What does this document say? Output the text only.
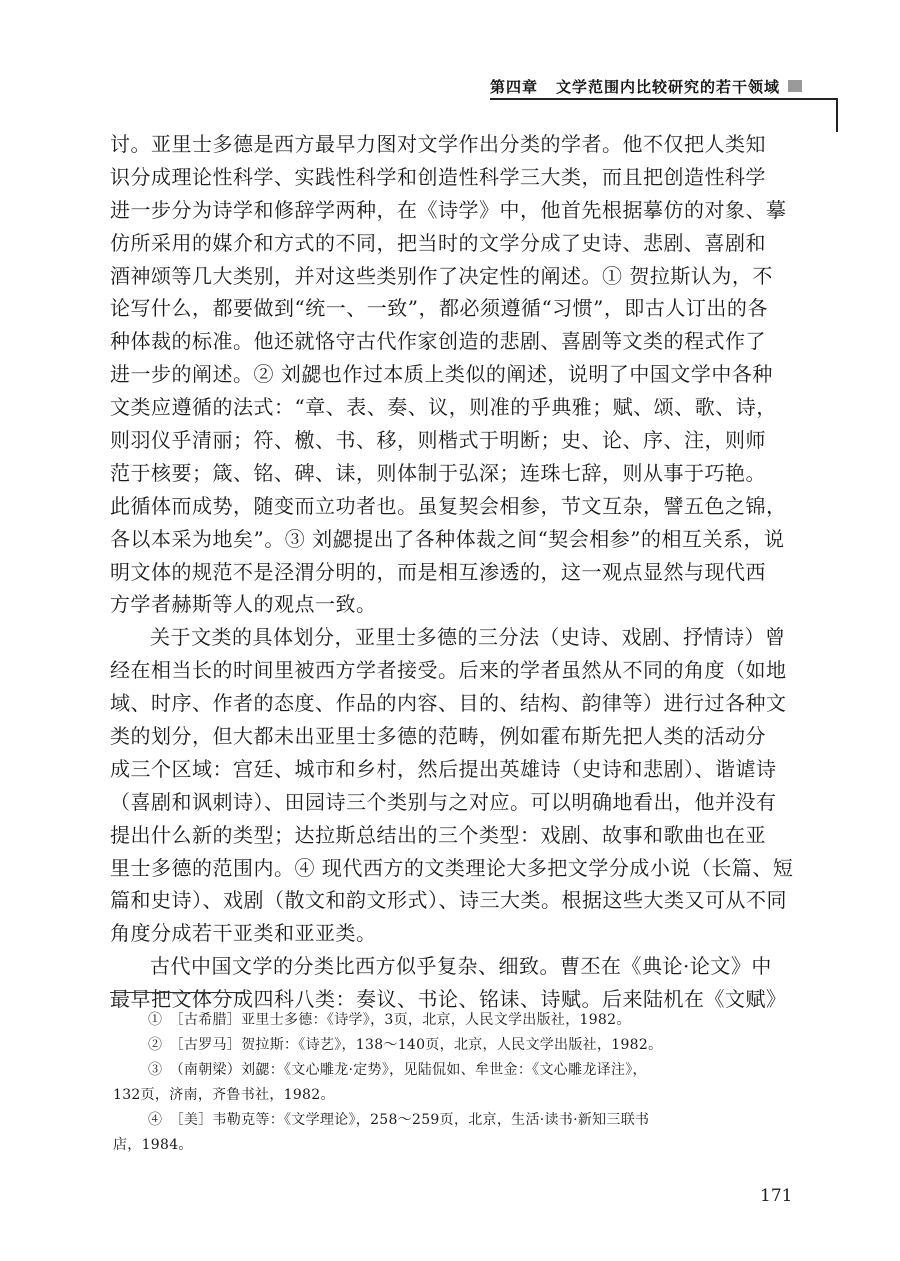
第四章 文学范围内比较研究的若干领域
讨。亚里士多德是西方最早力图对文学作出分类的学者。他不仅把人类知
识分成理论性科学、实践性科学和创造性科学三大类，而且把创造性科学
进一步分为诗学和修辞学两种，在《诗学》中，他首先根据摹仿的对象、摹
仿所采用的媒介和方式的不同，把当时的文学分成了史诗、悲剧、喜剧和
酒神颂等几大类别，并对这些类别作了决定性的阐述。① 贺拉斯认为，不
论写什么，都要做到“统一、一致”，都必须遵循“习惯”，即古人订出的各
种体裁的标准。他还就恪守古代作家创造的悲剧、喜剧等文类的程式作了
进一步的阐述。② 刘勰也作过本质上类似的阐述，说明了中国文学中各种
文类应遵循的法式：“章、表、奏、议，则准的乎典雅；赋、颂、歌、诗，
则羽仪乎清丽；符、檄、书、移，则楷式于明断；史、论、序、注，则师
范于核要；箴、铭、碑、诔，则体制于弘深；连珠七辞，则从事于巧艳。
此循体而成势，随变而立功者也。虽复契会相参，节文互杂，譬五色之锦，
各以本采为地矣”。③ 刘勰提出了各种体裁之间“契会相参”的相互关系，说
明文体的规范不是泾渭分明的，而是相互渗透的，这一观点显然与现代西
方学者赫斯等人的观点一致。
关于文类的具体划分，亚里士多德的三分法（史诗、戏剧、抒情诗）曾
经在相当长的时间里被西方学者接受。后来的学者虽然从不同的角度（如地
域、时序、作者的态度、作品的内容、目的、结构、韵律等）进行过各种文
类的划分，但大都未出亚里士多德的范畴，例如霍布斯先把人类的活动分
成三个区域：宫廷、城市和乡村，然后提出英雄诗（史诗和悲剧）、谐谑诗
（喜剧和讽刺诗）、田园诗三个类别与之对应。可以明确地看出，他并没有
提出什么新的类型；达拉斯总结出的三个类型：戏剧、故事和歌曲也在亚
里士多德的范围内。④ 现代西方的文类理论大多把文学分成小说（长篇、短
篇和史诗）、戏剧（散文和韵文形式）、诗三大类。根据这些大类又可从不同
角度分成若干亚类和亚亚类。
古代中国文学的分类比西方似乎复杂、细致。曹丕在《典论·论文》中
最早把文体分成四科八类：奏议、书论、铭诔、诗赋。后来陆机在《文赋》
①　［古希腊］亚里士多德：《诗学》，3页，北京，人民文学出版社，1982。
②　［古罗马］贺拉斯：《诗艺》，138～140页，北京，人民文学出版社，1982。
③　（南朝梁）刘勰：《文心雕龙·定势》，见陆侃如、牟世金：《文心雕龙译注》，
132页，济南，齐鲁书社，1982。
④　［美］韦勒克等：《文学理论》，258～259页，北京，生活·读书·新知三联书
店，1984。
171
